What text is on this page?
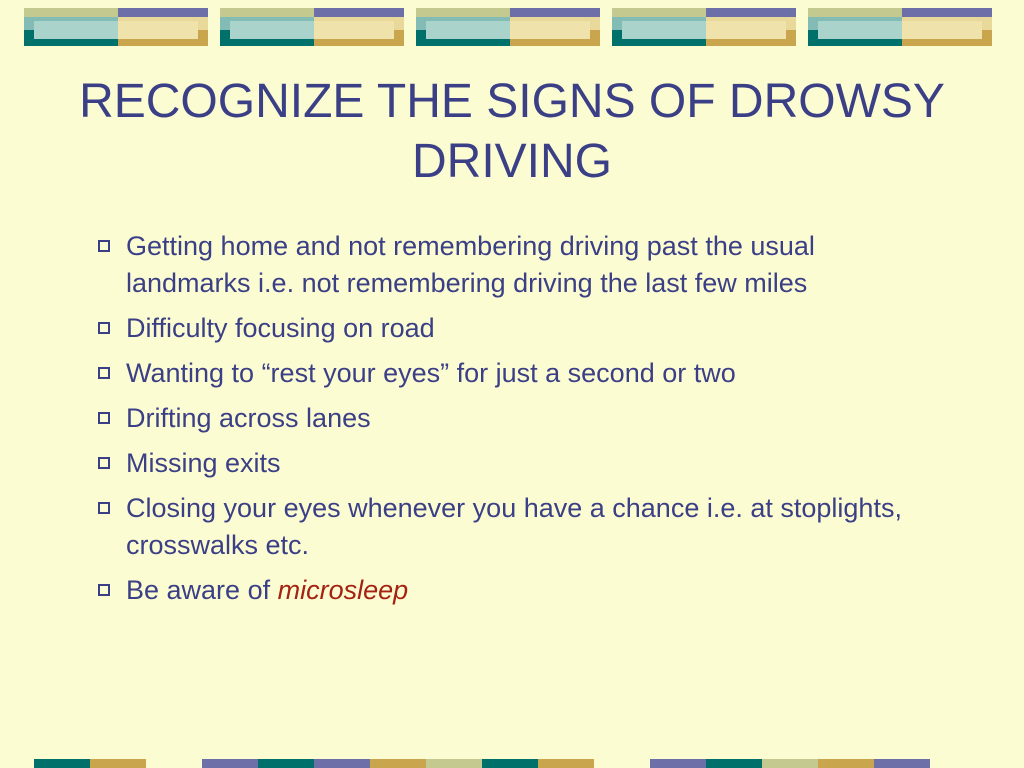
RECOGNIZE THE SIGNS OF DROWSY DRIVING
Getting home and not remembering driving past the usual landmarks i.e. not remembering driving the last few miles
Difficulty focusing on road
Wanting to “rest your eyes” for just a second or two
Drifting across lanes
Missing exits
Closing your eyes whenever you have a chance i.e. at stoplights, crosswalks etc.
Be aware of microsleep
